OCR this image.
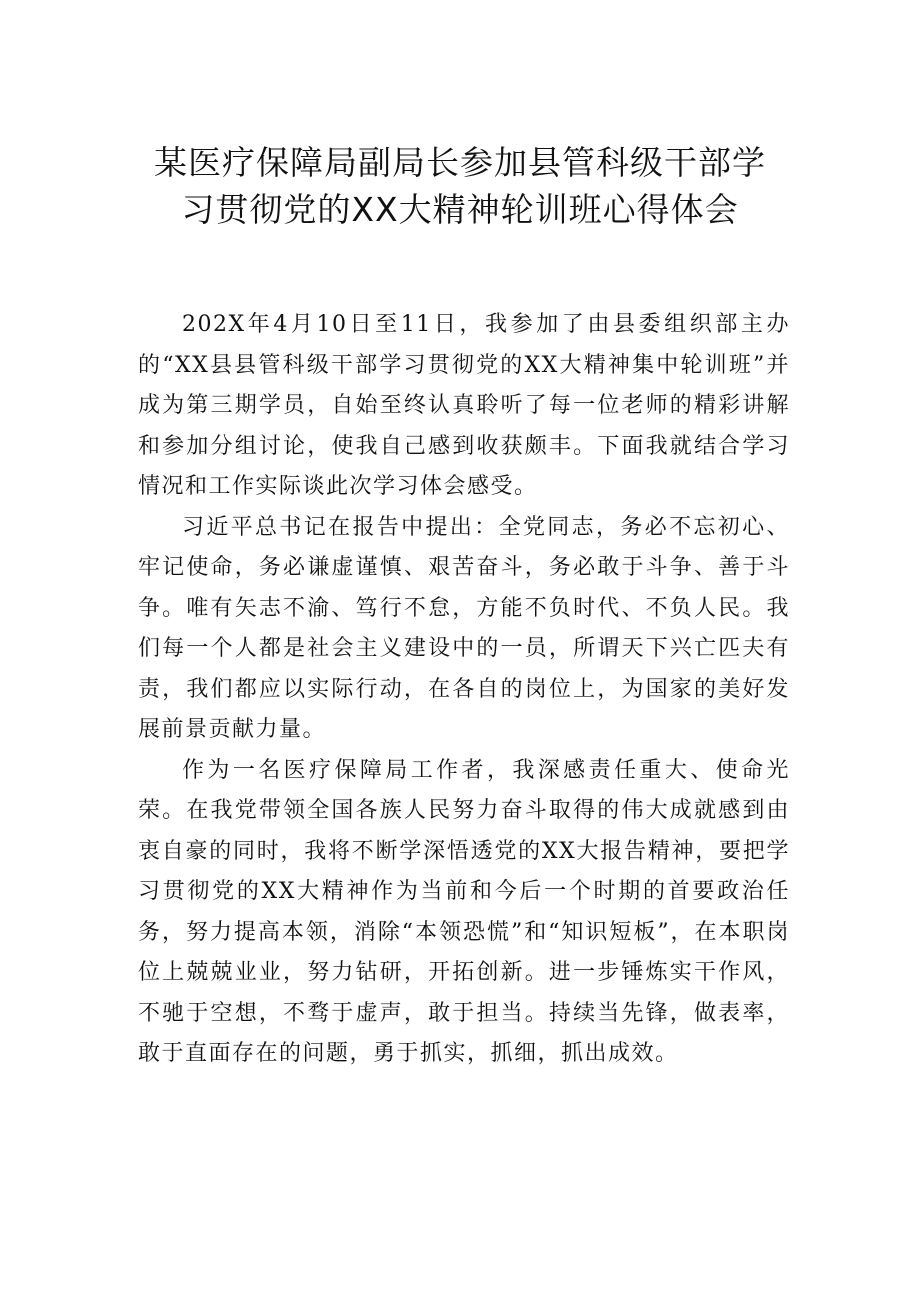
某医疗保障局副局长参加县管科级干部学
习贯彻党的XX大精神轮训班心得体会

202X年4月10日至11日，我参加了由县委组织部主办的“XX县县管科级干部学习贯彻党的XX大精神集中轮训班”并成为第三期学员，自始至终认真聆听了每一位老师的精彩讲解和参加分组讨论，使我自己感到收获颇丰。下面我就结合学习情况和工作实际谈此次学习体会感受。

习近平总书记在报告中提出：全党同志，务必不忘初心、牢记使命，务必谦虚谨慎、艰苦奋斗，务必敢于斗争、善于斗争。唯有矢志不渝、笃行不怠，方能不负时代、不负人民。我们每一个人都是社会主义建设中的一员，所谓天下兴亡匹夫有责，我们都应以实际行动，在各自的岗位上，为国家的美好发展前景贡献力量。

作为一名医疗保障局工作者，我深感责任重大、使命光荣。在我党带领全国各族人民努力奋斗取得的伟大成就感到由衷自豪的同时，我将不断学深悟透党的XX大报告精神，要把学习贯彻党的XX大精神作为当前和今后一个时期的首要政治任务，努力提高本领，消除“本领恐慌”和“知识短板”，在本职岗位上兢兢业业，努力钻研，开拓创新。进一步锤炼实干作风，不驰于空想，不骛于虚声，敢于担当。持续当先锋，做表率，敢于直面存在的问题，勇于抓实，抓细，抓出成效。
